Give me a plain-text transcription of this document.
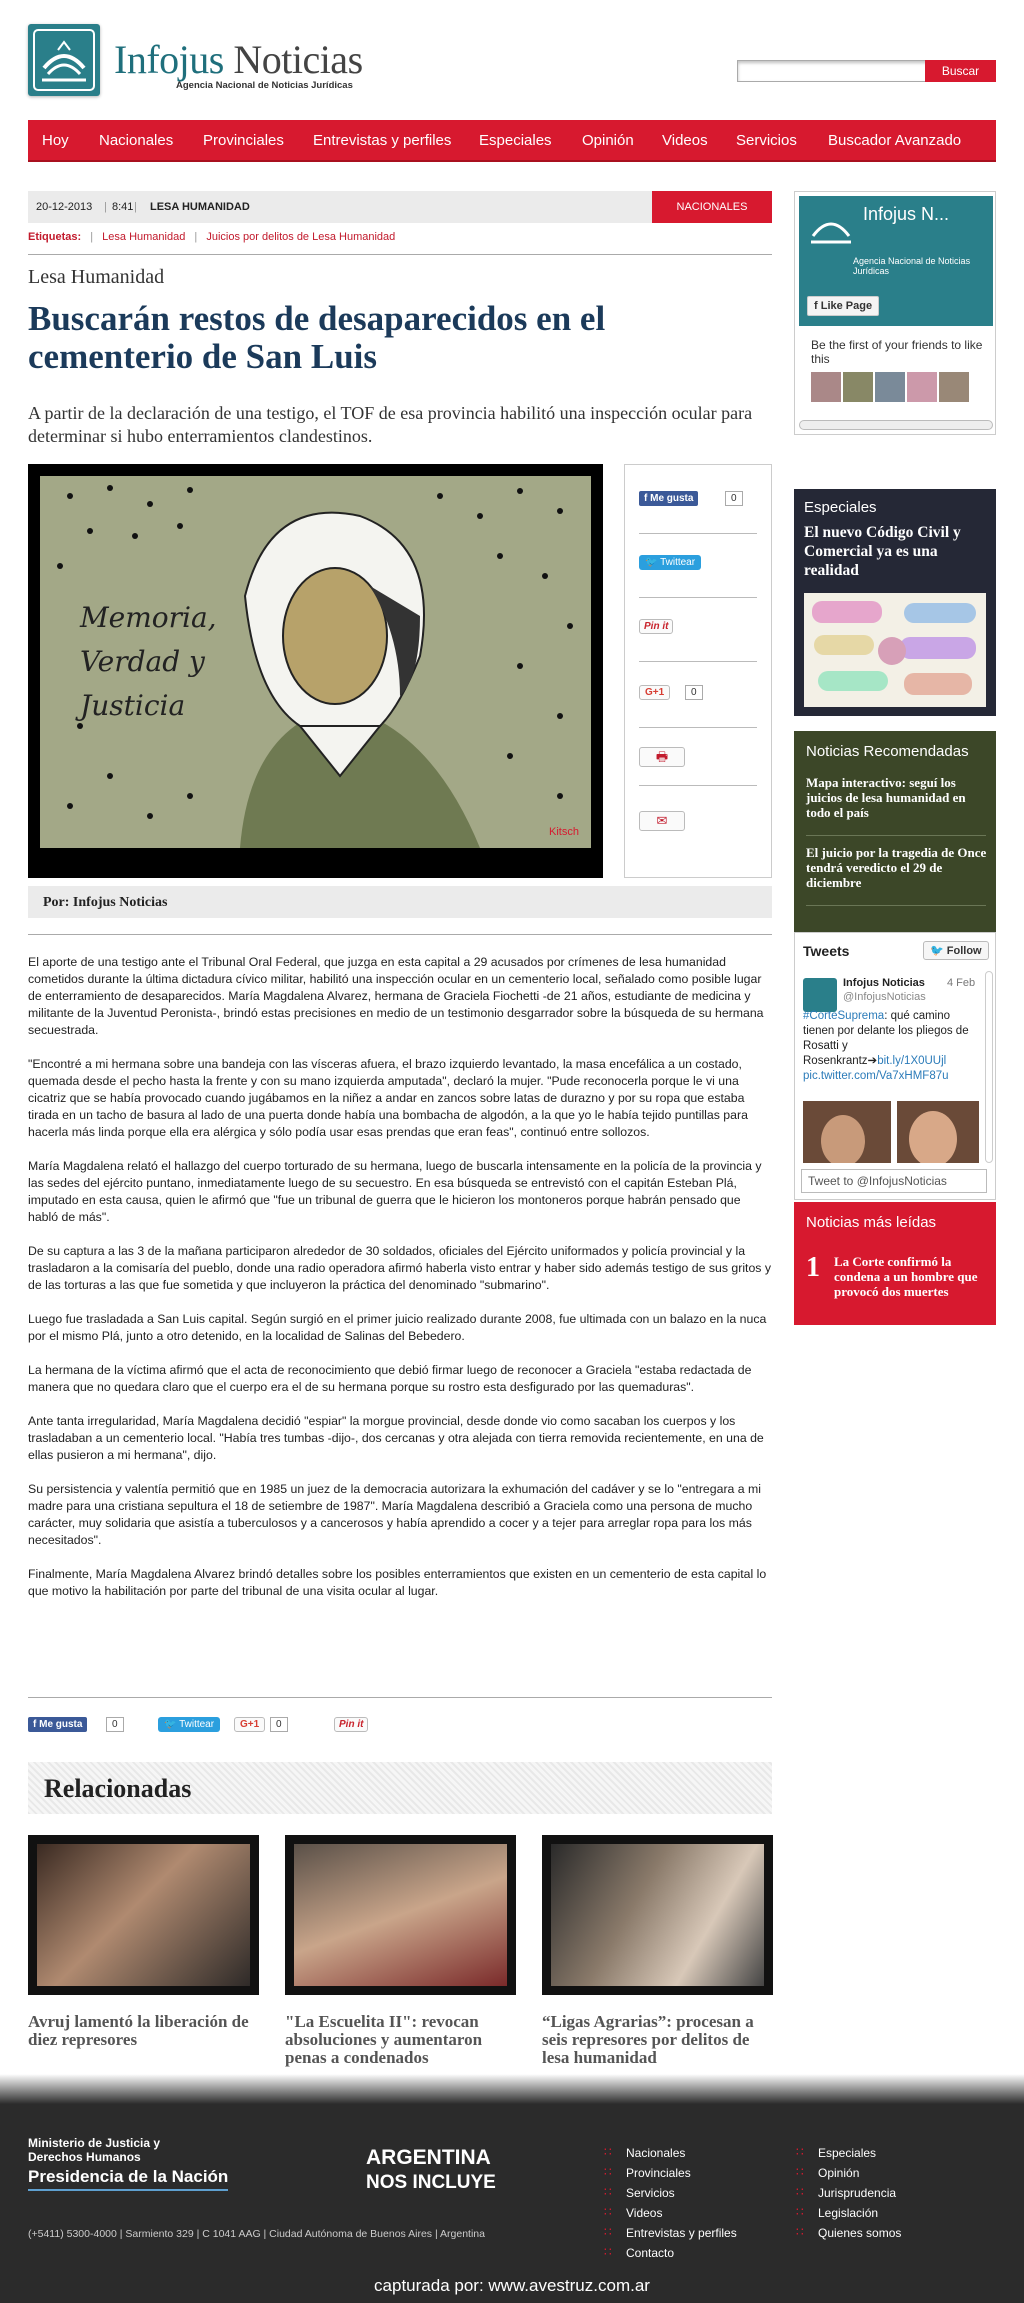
Infojus Noticias
Agencia Nacional de Noticias Jurídicas
Buscar
Hoy Nacionales Provinciales Entrevistas y perfiles Especiales Opinión Videos Servicios Buscador Avanzado
20-12-2013 | 8:41 | LESA HUMANIDAD	NACIONALES
Etiquetas: | Lesa Humanidad | Juicios por delitos de Lesa Humanidad
Lesa Humanidad
Buscarán restos de desaparecidos en el cementerio de San Luis
A partir de la declaración de una testigo, el TOF de esa provincia habilitó una inspección ocular para determinar si hubo enterramientos clandestinos.
Memoria, Verdad y Justicia
Kitsch
f Me gusta	0
🐦 Twittear
Pin it
G+1	0
🖶
✉
Por: Infojus Noticias

El aporte de una testigo ante el Tribunal Oral Federal, que juzga en esta capital a 29 acusados por crímenes de lesa humanidad cometidos durante la última dictadura cívico militar, habilitó una inspección ocular en un cementerio local, señalado como posible lugar de enterramiento de desaparecidos. María Magdalena Alvarez, hermana de Graciela Fiochetti -de 21 años, estudiante de medicina y militante de la Juventud Peronista-, brindó estas precisiones en medio de un testimonio desgarrador sobre la búsqueda de su hermana secuestrada.

"Encontré a mi hermana sobre una bandeja con las vísceras afuera, el brazo izquierdo levantado, la masa encefálica a un costado, quemada desde el pecho hasta la frente y con su mano izquierda amputada", declaró la mujer. "Pude reconocerla porque le vi una cicatriz que se había provocado cuando jugábamos en la niñez a andar en zancos sobre latas de durazno y por su ropa que estaba tirada en un tacho de basura al lado de una puerta donde había una bombacha de algodón, a la que yo le había tejido puntillas para hacerla más linda porque ella era alérgica y sólo podía usar esas prendas que eran feas", continuó entre sollozos.

María Magdalena relató el hallazgo del cuerpo torturado de su hermana, luego de buscarla intensamente en la policía de la provincia y las sedes del ejército puntano, inmediatamente luego de su secuestro. En esa búsqueda se entrevistó con el capitán Esteban Plá, imputado en esta causa, quien le afirmó que "fue un tribunal de guerra que le hicieron los montoneros porque habrán pensado que habló de más".

De su captura a las 3 de la mañana participaron alrededor de 30 soldados, oficiales del Ejército uniformados y policía provincial y la trasladaron a la comisaría del pueblo, donde una radio operadora afirmó haberla visto entrar y haber sido además testigo de sus gritos y de las torturas a las que fue sometida y que incluyeron la práctica del denominado "submarino".

Luego fue trasladada a San Luis capital. Según surgió en el primer juicio realizado durante 2008, fue ultimada con un balazo en la nuca por el mismo Plá, junto a otro detenido, en la localidad de Salinas del Bebedero.

La hermana de la víctima afirmó que el acta de reconocimiento que debió firmar luego de reconocer a Graciela "estaba redactada de manera que no quedara claro que el cuerpo era el de su hermana porque su rostro esta desfigurado por las quemaduras".

Ante tanta irregularidad, María Magdalena decidió "espiar" la morgue provincial, desde donde vio como sacaban los cuerpos y los trasladaban a un cementerio local. "Había tres tumbas -dijo-, dos cercanas y otra alejada con tierra removida recientemente, en una de ellas pusieron a mi hermana", dijo.

Su persistencia y valentía permitió que en 1985 un juez de la democracia autorizara la exhumación del cadáver y se lo "entregara a mi madre para una cristiana sepultura el 18 de setiembre de 1987". María Magdalena describió a Graciela como una persona de mucho carácter, muy solidaria que asistía a tuberculosos y a cancerosos y había aprendido a cocer y a tejer para arreglar ropa para los más necesitados".

Finalmente, María Magdalena Alvarez brindó detalles sobre los posibles enterramientos que existen en un cementerio de esta capital lo que motivo la habilitación por parte del tribunal de una visita ocular al lugar.

f Me gusta	0	🐦 Twittear	G+1	0	Pin it
Relacionadas
Avruj lamentó la liberación de diez represores
"La Escuelita II": revocan absoluciones y aumentaron penas a condenados
“Ligas Agrarias”: procesan a seis represores por delitos de lesa humanidad
Infojus N...
Agencia Nacional de Noticias Jurídicas
f Like Page
Be the first of your friends to like this
Especiales
El nuevo Código Civil y Comercial ya es una realidad
Noticias Recomendadas
Mapa interactivo: seguí los juicios de lesa humanidad en todo el país
El juicio por la tragedia de Once tendrá veredicto el 29 de diciembre
Tweets	🐦 Follow
Infojus Noticias 4 Feb
@InfojusNoticias
#CorteSuprema: qué camino tienen por delante los pliegos de Rosatti y Rosenkrantz➔bit.ly/1X0UUjl
pic.twitter.com/Va7xHMF87u
Tweet to @InfojusNoticias
Noticias más leídas
1 La Corte confirmó la condena a un hombre que provocó dos muertes
Ministerio de Justicia y Derechos Humanos
Presidencia de la Nación
ARGENTINA
NOS INCLUYE
(+5411) 5300-4000 | Sarmiento 329 | C 1041 AAG | Ciudad Autónoma de Buenos Aires | Argentina
∷ Nacionales
∷ Provinciales
∷ Servicios
∷ Videos
∷ Entrevistas y perfiles
∷ Contacto
∷ Especiales
∷ Opinión
∷ Jurisprudencia
∷ Legislación
∷ Quienes somos
capturada por: www.avestruz.com.ar
